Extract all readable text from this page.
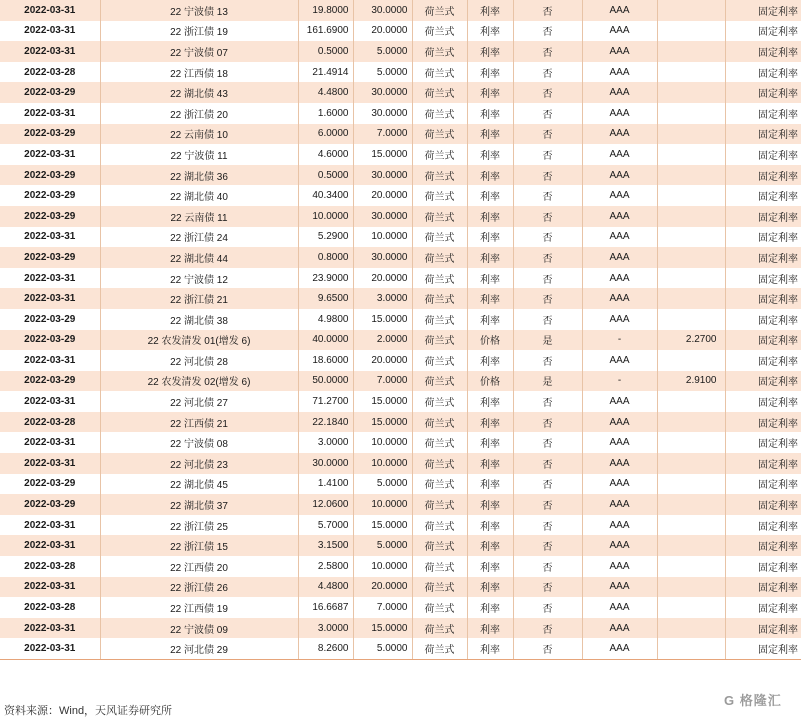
2022-03-31	22 宁波债 13	19.8000	30.0000	荷兰式	利率	否	AAA		固定利率
2022-03-31	22 浙江债 19	161.6900	20.0000	荷兰式	利率	否	AAA		固定利率
2022-03-31	22 宁波债 07	0.5000	5.0000	荷兰式	利率	否	AAA		固定利率
2022-03-28	22 江西债 18	21.4914	5.0000	荷兰式	利率	否	AAA		固定利率
2022-03-29	22 湖北债 43	4.4800	30.0000	荷兰式	利率	否	AAA		固定利率
2022-03-31	22 浙江债 20	1.6000	30.0000	荷兰式	利率	否	AAA		固定利率
2022-03-29	22 云南债 10	6.0000	7.0000	荷兰式	利率	否	AAA		固定利率
2022-03-31	22 宁波债 11	4.6000	15.0000	荷兰式	利率	否	AAA		固定利率
2022-03-29	22 湖北债 36	0.5000	30.0000	荷兰式	利率	否	AAA		固定利率
2022-03-29	22 湖北债 40	40.3400	20.0000	荷兰式	利率	否	AAA		固定利率
2022-03-29	22 云南债 11	10.0000	30.0000	荷兰式	利率	否	AAA		固定利率
2022-03-31	22 浙江债 24	5.2900	10.0000	荷兰式	利率	否	AAA		固定利率
2022-03-29	22 湖北债 44	0.8000	30.0000	荷兰式	利率	否	AAA		固定利率
2022-03-31	22 宁波债 12	23.9000	20.0000	荷兰式	利率	否	AAA		固定利率
2022-03-31	22 浙江债 21	9.6500	3.0000	荷兰式	利率	否	AAA		固定利率
2022-03-29	22 湖北债 38	4.9800	15.0000	荷兰式	利率	否	AAA		固定利率
2022-03-29	22 农发清发 01(增发 6)	40.0000	2.0000	荷兰式	价格	是	-	2.2700	固定利率
2022-03-31	22 河北债 28	18.6000	20.0000	荷兰式	利率	否	AAA		固定利率
2022-03-29	22 农发清发 02(增发 6)	50.0000	7.0000	荷兰式	价格	是	-	2.9100	固定利率
2022-03-31	22 河北债 27	71.2700	15.0000	荷兰式	利率	否	AAA		固定利率
2022-03-28	22 江西债 21	22.1840	15.0000	荷兰式	利率	否	AAA		固定利率
2022-03-31	22 宁波债 08	3.0000	10.0000	荷兰式	利率	否	AAA		固定利率
2022-03-31	22 河北债 23	30.0000	10.0000	荷兰式	利率	否	AAA		固定利率
2022-03-29	22 湖北债 45	1.4100	5.0000	荷兰式	利率	否	AAA		固定利率
2022-03-29	22 湖北债 37	12.0600	10.0000	荷兰式	利率	否	AAA		固定利率
2022-03-31	22 浙江债 25	5.7000	15.0000	荷兰式	利率	否	AAA		固定利率
2022-03-31	22 浙江债 15	3.1500	5.0000	荷兰式	利率	否	AAA		固定利率
2022-03-28	22 江西债 20	2.5800	10.0000	荷兰式	利率	否	AAA		固定利率
2022-03-31	22 浙江债 26	4.4800	20.0000	荷兰式	利率	否	AAA		固定利率
2022-03-28	22 江西债 19	16.6687	7.0000	荷兰式	利率	否	AAA		固定利率
2022-03-31	22 宁波债 09	3.0000	15.0000	荷兰式	利率	否	AAA		固定利率
2022-03-31	22 河北债 29	8.2600	5.0000	荷兰式	利率	否	AAA		固定利率
资料来源：Wind，天风证券研究所
G 格隆汇
